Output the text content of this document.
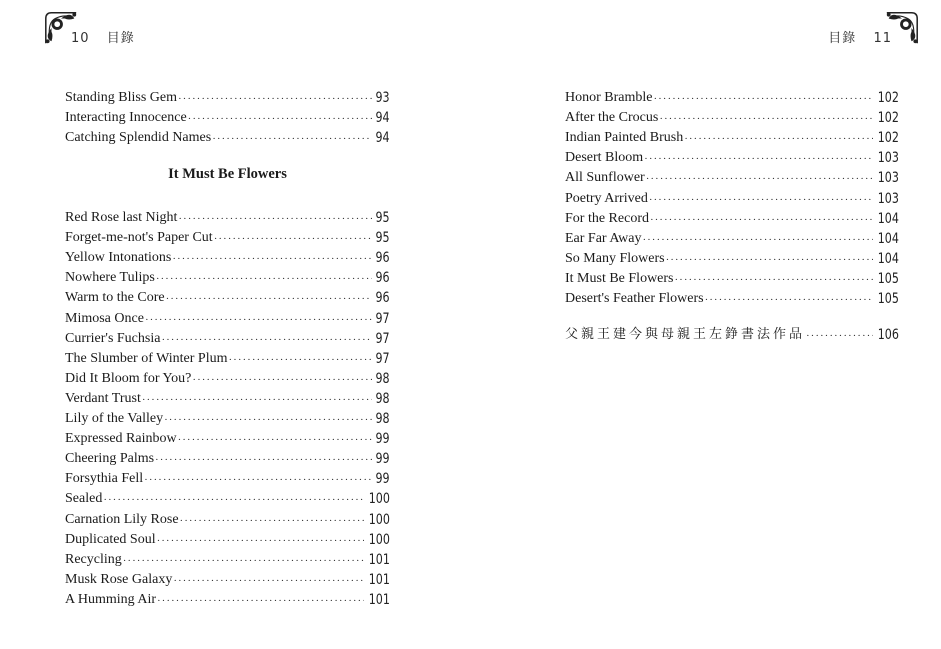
10 目錄
Standing Bliss Gem ·····	93
Interacting Innocence ·····	94
Catching Splendid Names ·····	94
It Must Be Flowers
Red Rose last Night ·····	95
Forget-me-not's Paper Cut ·····	95
Yellow Intonations ·····	96
Nowhere Tulips ·····	96
Warm to the Core ·····	96
Mimosa Once ·····	97
Currier's Fuchsia ·····	97
The Slumber of Winter Plum ·····	97
Did It Bloom for You? ·····	98
Verdant Trust ·····	98
Lily of the Valley ·····	98
Expressed Rainbow ·····	99
Cheering Palms ·····	99
Forsythia Fell ·····	99
Sealed ·····	100
Carnation Lily Rose ·····	100
Duplicated Soul ·····	100
Recycling ·····	101
Musk Rose Galaxy ·····	101
A Humming Air ·····	101
目錄 11
Honor Bramble ·····	102
After the Crocus ·····	102
Indian Painted Brush ·····	102
Desert Bloom ·····	103
All Sunflower ·····	103
Poetry Arrived ·····	103
For the Record ·····	104
Ear Far Away ·····	104
So Many Flowers ·····	104
It Must Be Flowers ·····	105
Desert's Feather Flowers ·····	105
父親王建今與母親王左錚書法作品 ·····	106
